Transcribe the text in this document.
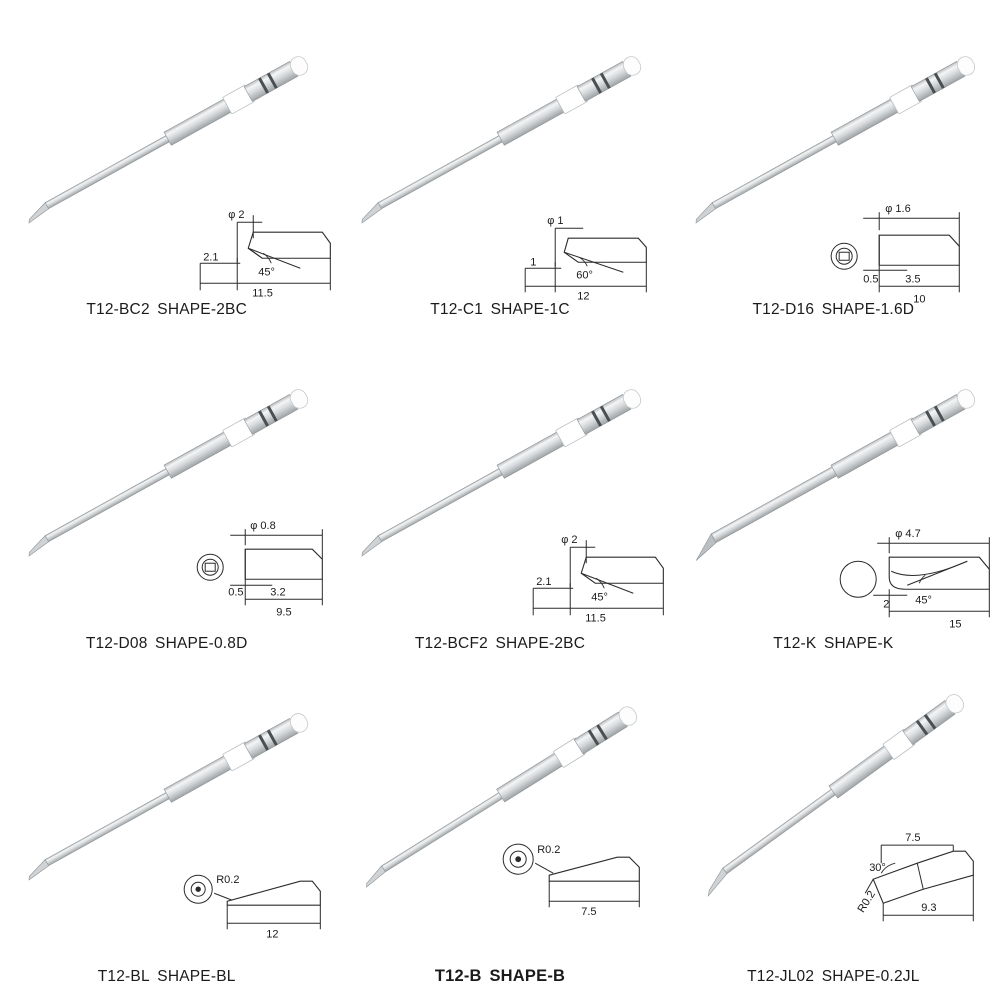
φ 2
2.1
45°
11.5
T12-BC2 SHAPE-2BC
φ 1
1
60°
12
T12-C1 SHAPE-1C
φ 1.6
0.5 3.5
10
T12-D16 SHAPE-1.6D
φ 0.8
0.5 3.2
9.5
T12-D08 SHAPE-0.8D
φ 2
2.1
45°
11.5
T12-BCF2 SHAPE-2BC
φ 4.7
2 45°
15
T12-K SHAPE-K
R0.2
12
T12-BL SHAPE-BL
R0.2
7.5
T12-B SHAPE-B
7.5
30°
R0.2	9.3
T12-JL02 SHAPE-0.2JL
